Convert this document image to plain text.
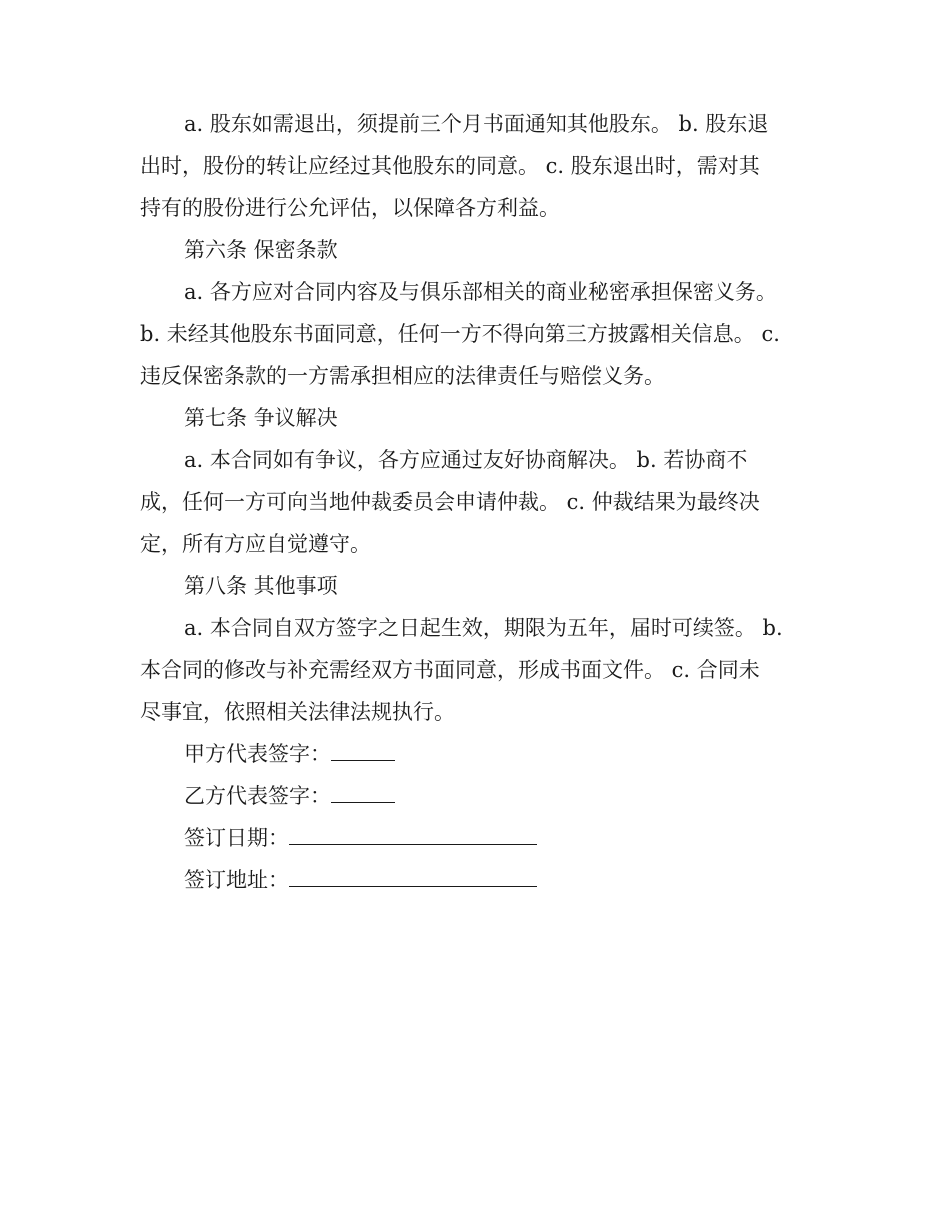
a. 股东如需退出，须提前三个月书面通知其他股东。 b. 股东退
出时，股份的转让应经过其他股东的同意。 c. 股东退出时，需对其
持有的股份进行公允评估，以保障各方利益。
第六条 保密条款
a. 各方应对合同内容及与俱乐部相关的商业秘密承担保密义务。
b. 未经其他股东书面同意，任何一方不得向第三方披露相关信息。 c.
违反保密条款的一方需承担相应的法律责任与赔偿义务。
第七条 争议解决
a. 本合同如有争议，各方应通过友好协商解决。 b. 若协商不
成，任何一方可向当地仲裁委员会申请仲裁。 c. 仲裁结果为最终决
定，所有方应自觉遵守。
第八条 其他事项
a. 本合同自双方签字之日起生效，期限为五年，届时可续签。 b.
本合同的修改与补充需经双方书面同意，形成书面文件。 c. 合同未
尽事宜，依照相关法律法规执行。
甲方代表签字：
乙方代表签字：
签订日期：
签订地址：
